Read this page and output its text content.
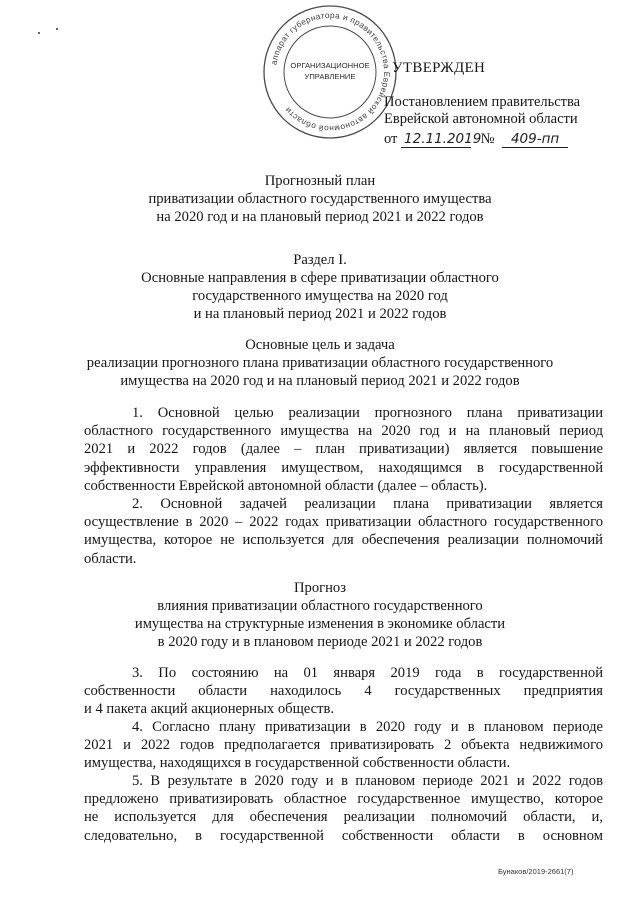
аппарат губернатора и правительства Еврейской автономной области
ОРГАНИЗАЦИОННОЕ
УПРАВЛЕНИЕ
УТВЕРЖДЕН
Постановлением правительства
Еврейской автономной области
от 12.11.2019 № 409-пп
Прогнозный план
приватизации областного государственного имущества
на 2020 год и на плановый период 2021 и 2022 годов
Раздел I.
Основные направления в сфере приватизации областного
государственного имущества на 2020 год
и на плановый период 2021 и 2022 годов
Основные цель и задача
реализации прогнозного плана приватизации областного государственного
имущества на 2020 год и на плановый период 2021 и 2022 годов
1. Основной целью реализации прогнозного плана приватизации
областного государственного имущества на 2020 год и на плановый период
2021 и 2022 годов (далее – план приватизации) является повышение
эффективности управления имуществом, находящимся в государственной
собственности Еврейской автономной области (далее – область).
2. Основной задачей реализации плана приватизации является
осуществление в 2020 – 2022 годах приватизации областного государственного
имущества, которое не используется для обеспечения реализации полномочий
области.
Прогноз
влияния приватизации областного государственного
имущества на структурные изменения в экономике области
в 2020 году и в плановом периоде 2021 и 2022 годов
3. По состоянию на 01 января 2019 года в государственной
собственности области находилось 4 государственных предприятия
и 4 пакета акций акционерных обществ.
4. Согласно плану приватизации в 2020 году и в плановом периоде
2021 и 2022 годов предполагается приватизировать 2 объекта недвижимого
имущества, находящихся в государственной собственности области.
5. В результате в 2020 году и в плановом периоде 2021 и 2022 годов
предложено приватизировать областное государственное имущество, которое
не используется для обеспечения реализации полномочий области, и,
следовательно, в государственной собственности области в основном
Бунаков/2019-2661(7)
